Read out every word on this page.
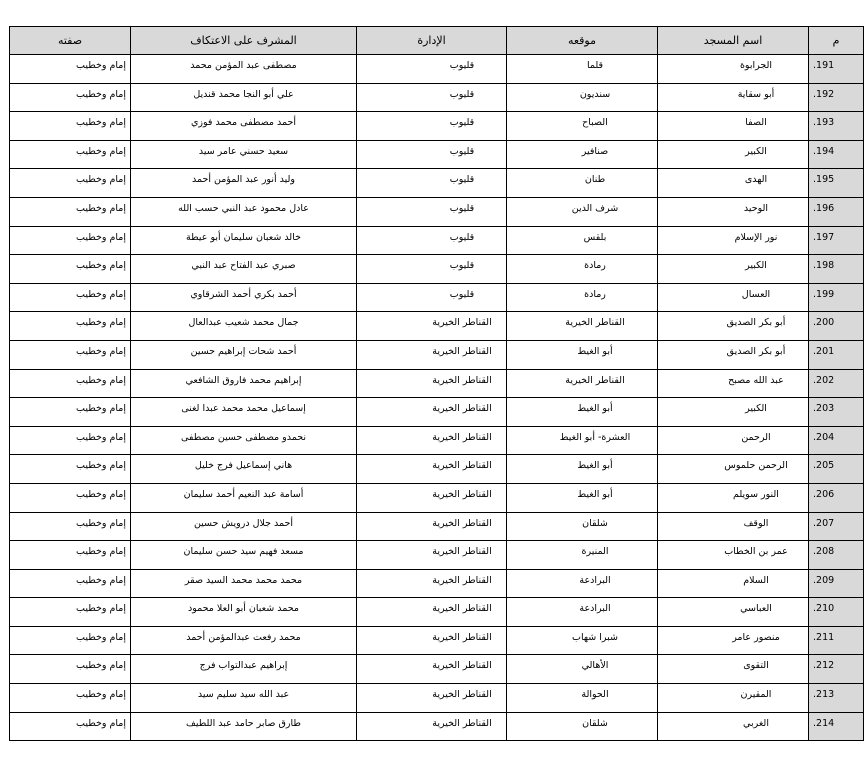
م	اسم المسجد	موقعه	الإدارة	المشرف على الاعتكاف	صفته
.191	الجرابوة	قلما	قليوب	مصطفى عبد المؤمن محمد	إمام وخطيب
.192	أبو سقاية	سنديون	قليوب	علي أبو النجا محمد قنديل	إمام وخطيب
.193	الصفا	الصباح	قليوب	أحمد مصطفى محمد فوزي	إمام وخطيب
.194	الكبير	صنافير	قليوب	سعيد حسني عامر سيد	إمام وخطيب
.195	الهدى	طنان	قليوب	وليد أنور عبد المؤمن أحمد	إمام وخطيب
.196	الوحيد	شرف الدين	قليوب	عادل محمود عبد النبي حسب الله	إمام وخطيب
.197	نور الإسلام	بلقس	قليوب	خالد شعبان سليمان أبو عيطة	إمام وخطيب
.198	الكبير	رمادة	قليوب	صبري عبد الفتاح عبد النبي	إمام وخطيب
.199	العسال	رمادة	قليوب	أحمد بكري أحمد الشرقاوي	إمام وخطيب
.200	أبو بكر الصديق	القناطر الخيرية	القناطر الخيرية	جمال محمد شعيب عبدالعال	إمام وخطيب
.201	أبو بكر الصديق	أبو الغيط	القناطر الخيرية	أحمد شحات إبراهيم حسين	إمام وخطيب
.202	عبد الله مصبح	القناطر الخيرية	القناطر الخيرية	إبراهيم محمد فاروق الشافعي	إمام وخطيب
.203	الكبير	أبو الغيط	القناطر الخيرية	إسماعيل محمد محمد عبدا لغنى	إمام وخطيب
.204	الرحمن	العشرة- أبو الغيط	القناطر الخيرية	نحمدو مصطفى حسين مصطفى	إمام وخطيب
.205	الرحمن حلموس	أبو الغيط	القناطر الخيرية	هاني إسماعيل فرج خليل	إمام وخطيب
.206	النور سويلم	أبو الغيط	القناطر الخيرية	أسامة عبد النعيم أحمد سليمان	إمام وخطيب
.207	الوقف	شلقان	القناطر الخيرية	أحمد جلال درويش حسين	إمام وخطيب
.208	عمر بن الخطاب	المنيرة	القناطر الخيرية	مسعد فهيم سيد حسن سليمان	إمام وخطيب
.209	السلام	البرادعة	القناطر الخيرية	محمد محمد محمد السيد صقر	إمام وخطيب
.210	العباسي	البرادعة	القناطر الخيرية	محمد شعبان أبو العلا محمود	إمام وخطيب
.211	منصور عامر	شبرا شهاب	القناطر الخيرية	محمد رفعت عبدالمؤمن أحمد	إمام وخطيب
.212	التقوى	الأهالي	القناطر الخيرية	إبراهيم عبدالتواب فرج	إمام وخطيب
.213	المقيرن	الحوالة	القناطر الخيرية	عبد الله سيد سليم سيد	إمام وخطيب
.214	الغربي	شلقان	القناطر الخيرية	طارق صابر حامد عبد اللطيف	إمام وخطيب
